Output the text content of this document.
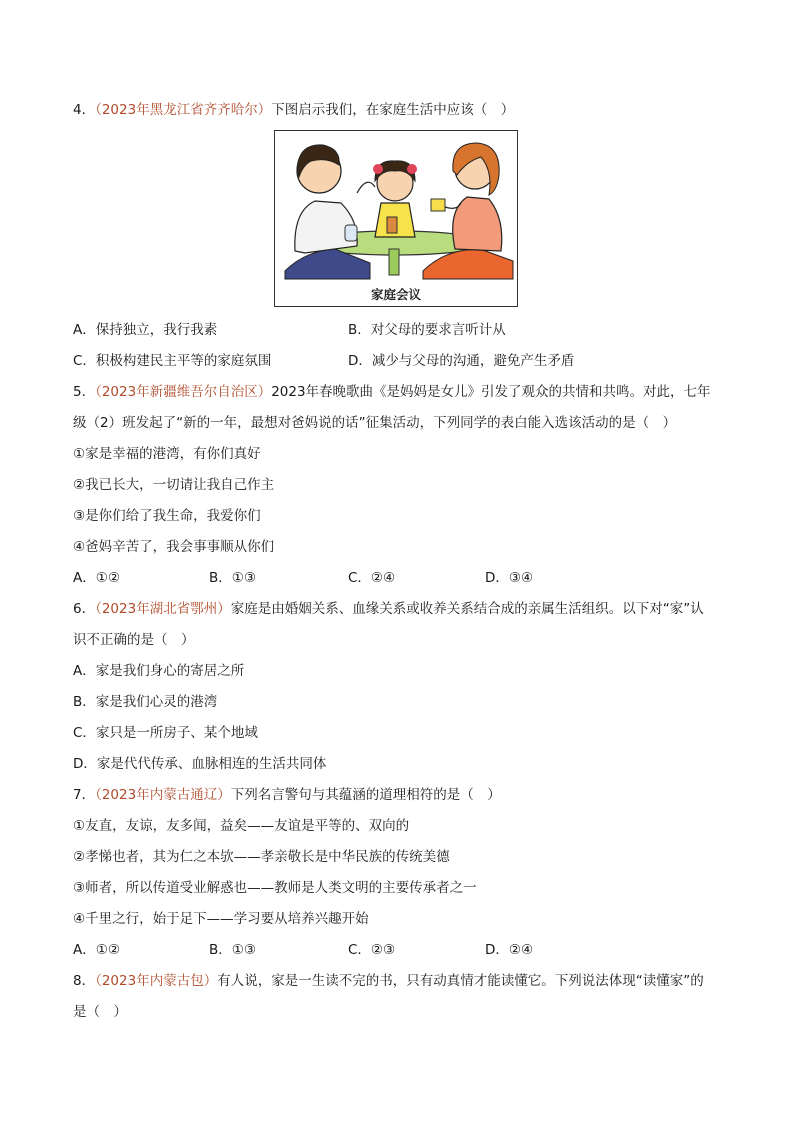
4．（2023年黑龙江省齐齐哈尔）下图启示我们，在家庭生活中应该（　）
家庭会议
A．保持独立，我行我素	B．对父母的要求言听计从
C．积极构建民主平等的家庭氛围	D．减少与父母的沟通，避免产生矛盾
5．（2023年新疆维吾尔自治区）2023年春晚歌曲《是妈妈是女儿》引发了观众的共情和共鸣。对此，七年
级（2）班发起了“新的一年，最想对爸妈说的话”征集活动，下列同学的表白能入选该活动的是（　）
①家是幸福的港湾，有你们真好
②我已长大，一切请让我自己作主
③是你们给了我生命，我爱你们
④爸妈辛苦了，我会事事顺从你们
A．①②	B．①③	C．②④	D．③④
6．（2023年湖北省鄂州）家庭是由婚姻关系、血缘关系或收养关系结合成的亲属生活组织。以下对“家”认
识不正确的是（　）
A．家是我们身心的寄居之所
B．家是我们心灵的港湾
C．家只是一所房子、某个地域
D．家是代代传承、血脉相连的生活共同体
7．（2023年内蒙古通辽）下列名言警句与其蕴涵的道理相符的是（　）
①友直，友谅，友多闻，益矣——友谊是平等的、双向的
②孝悌也者，其为仁之本欤——孝亲敬长是中华民族的传统美德
③师者，所以传道受业解惑也——教师是人类文明的主要传承者之一
④千里之行，始于足下——学习要从培养兴趣开始
A．①②	B．①③	C．②③	D．②④
8．（2023年内蒙古包）有人说，家是一生读不完的书，只有动真情才能读懂它。下列说法体现“读懂家”的
是（　）
